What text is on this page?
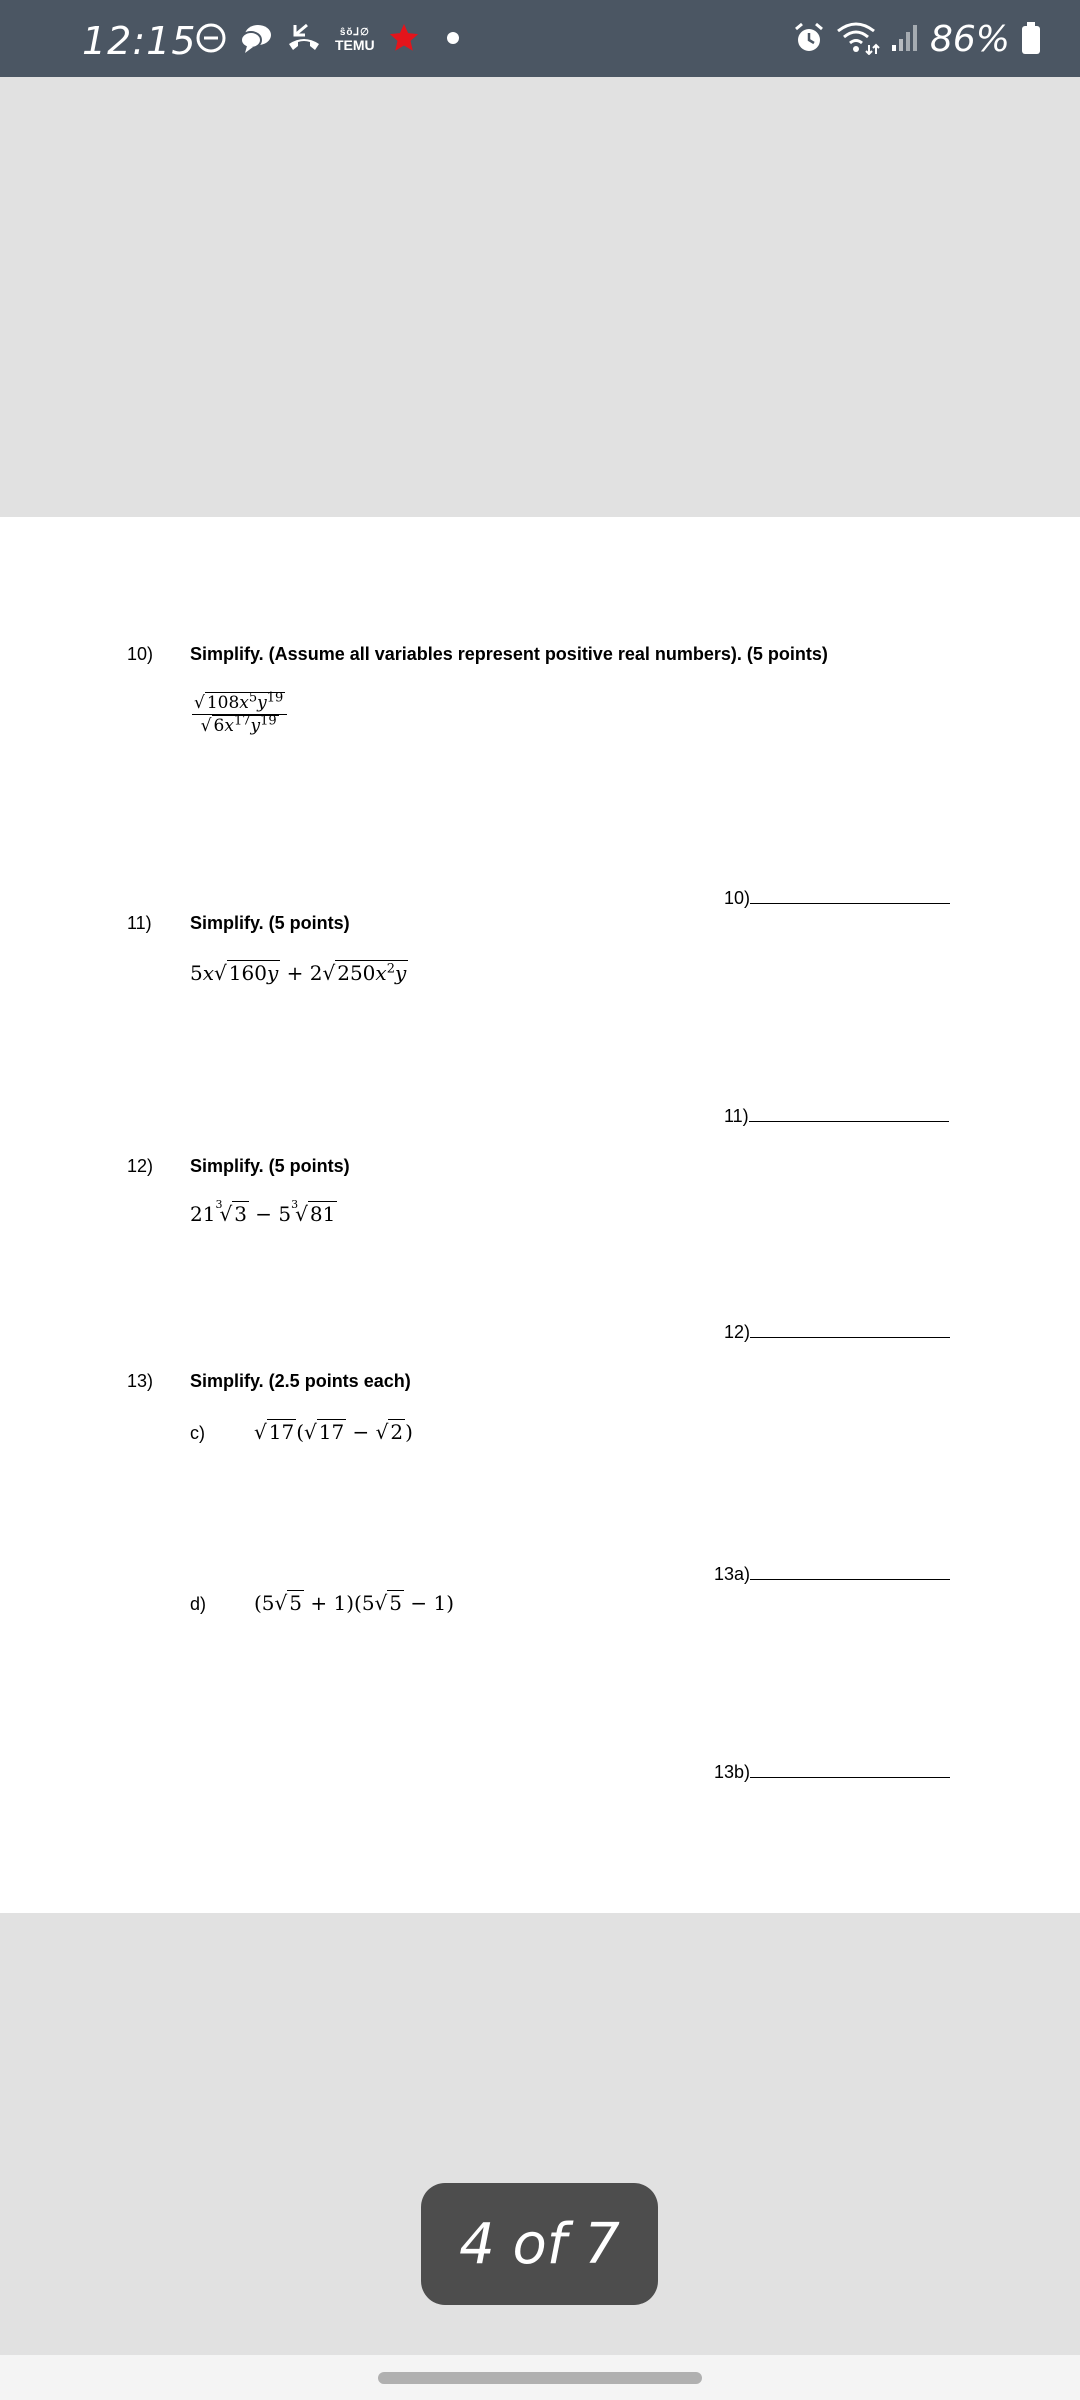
12:15	ŝŏ⅃∅
TEMU	86%
10) Simplify. (Assume all variables represent positive real numbers). (5 points)
$\frac{√ 108x^5y^{19}}{√ 6x^{17}y^{19}}$
10)
11) Simplify. (5 points)
5x√ 160y + 2√ $250x^2y$
11)
12) Simplify. (5 points)
$21^3√$ $3 - 5^3√$ 81
12)
13) Simplify. (2.5 points each)
c) √ 17 (√ 17 − √ 2 )
13a)
d) (5√ 5 + 1)(5√ 5 − 1)
13b)
4 of 7
